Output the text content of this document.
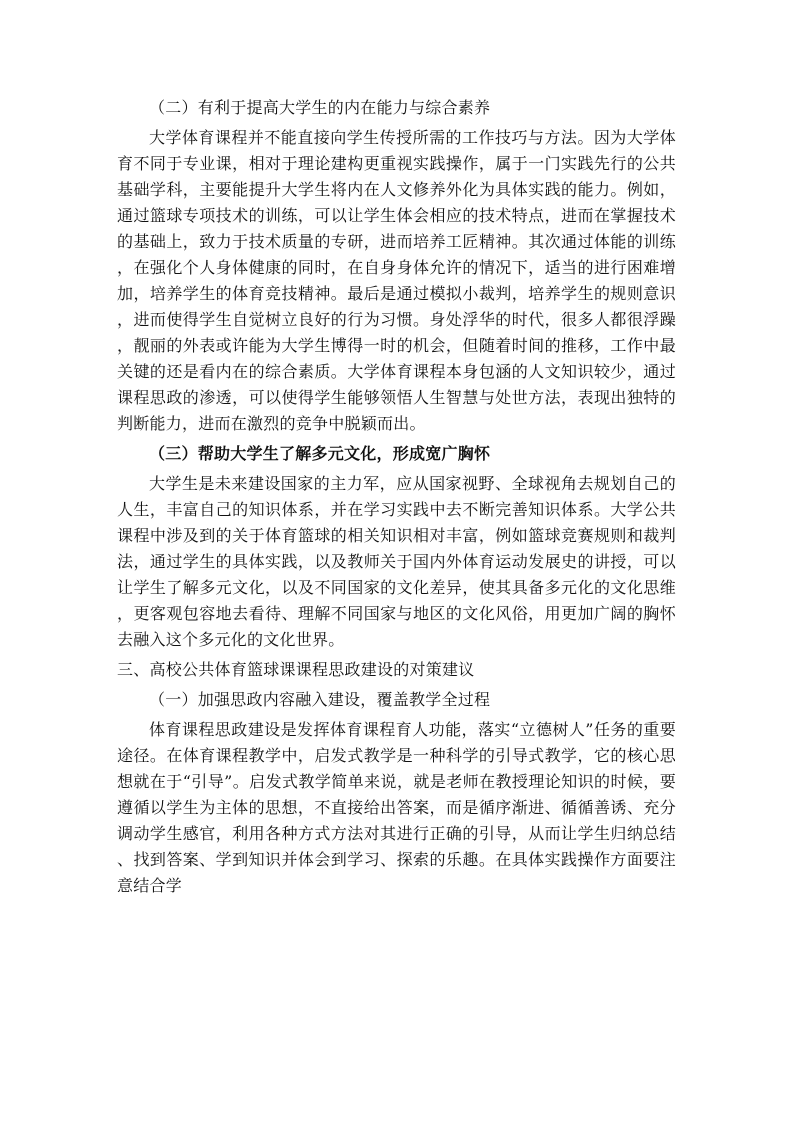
（二）有利于提高大学生的内在能力与综合素养

大学体育课程并不能直接向学生传授所需的工作技巧与方法。因为大学体育不同于专业课，相对于理论建构更重视实践操作，属于一门实践先行的公共基础学科，主要能提升大学生将内在人文修养外化为具体实践的能力。例如，通过篮球专项技术的训练，可以让学生体会相应的技术特点，进而在掌握技术的基础上，致力于技术质量的专研，进而培养工匠精神。其次通过体能的训练，在强化个人身体健康的同时，在自身身体允许的情况下，适当的进行困难增加，培养学生的体育竞技精神。最后是通过模拟小裁判，培养学生的规则意识，进而使得学生自觉树立良好的行为习惯。身处浮华的时代，很多人都很浮躁，靓丽的外表或许能为大学生博得一时的机会，但随着时间的推移，工作中最关键的还是看内在的综合素质。大学体育课程本身包涵的人文知识较少，通过课程思政的渗透，可以使得学生能够领悟人生智慧与处世方法，表现出独特的判断能力，进而在激烈的竞争中脱颖而出。

（三）帮助大学生了解多元文化，形成宽广胸怀

大学生是未来建设国家的主力军，应从国家视野、全球视角去规划自己的人生，丰富自己的知识体系，并在学习实践中去不断完善知识体系。大学公共课程中涉及到的关于体育篮球的相关知识相对丰富，例如篮球竞赛规则和裁判法，通过学生的具体实践，以及教师关于国内外体育运动发展史的讲授，可以让学生了解多元文化，以及不同国家的文化差异，使其具备多元化的文化思维，更客观包容地去看待、理解不同国家与地区的文化风俗，用更加广阔的胸怀去融入这个多元化的文化世界。

三、高校公共体育篮球课课程思政建设的对策建议

（一）加强思政内容融入建设，覆盖教学全过程

体育课程思政建设是发挥体育课程育人功能，落实“立德树人”任务的重要途径。在体育课程教学中，启发式教学是一种科学的引导式教学，它的核心思想就在于“引导”。启发式教学简单来说，就是老师在教授理论知识的时候，要遵循以学生为主体的思想，不直接给出答案，而是循序渐进、循循善诱、充分调动学生感官，利用各种方式方法对其进行正确的引导，从而让学生归纳总结、找到答案、学到知识并体会到学习、探索的乐趣。在具体实践操作方面要注意结合学
